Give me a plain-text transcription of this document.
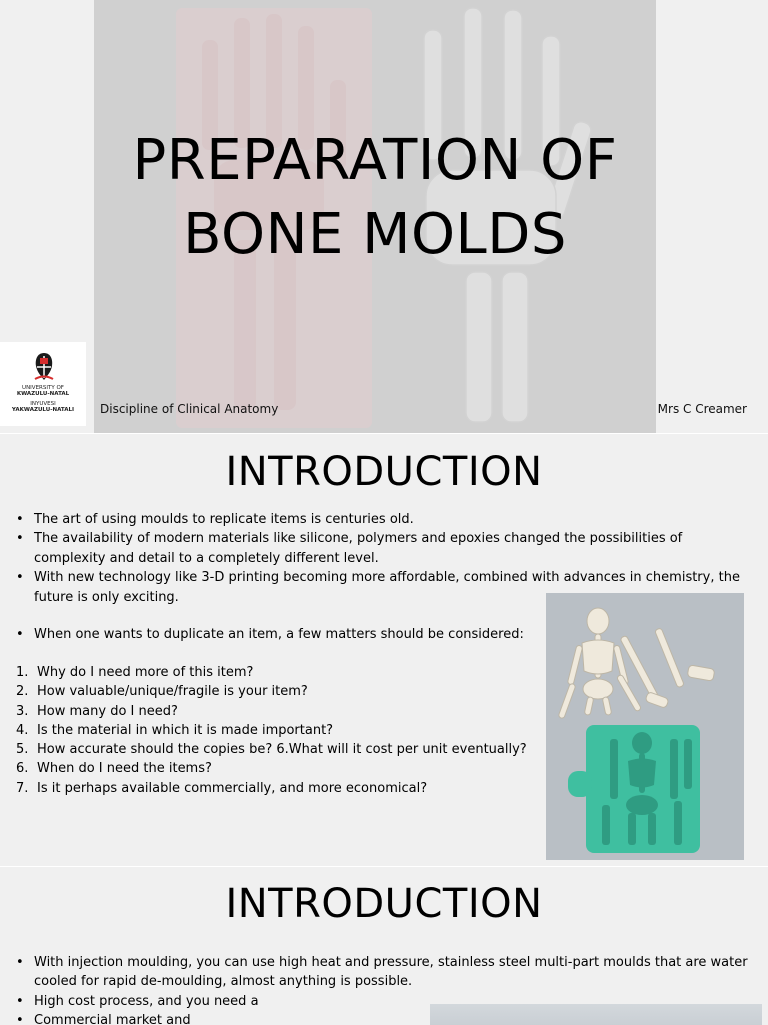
PREPARATION OF
BONE MOLDS
UNIVERSITY OF
KWAZULU-NATAL
INYUVESI
YAKWAZULU-NATALI	Discipline of Clinical Anatomy	Mrs C Creamer
INTRODUCTION
• The art of using moulds to replicate items is centuries old.
• The availability of modern materials like silicone, polymers and epoxies changed the possibilities of complexity and detail to a completely different level.
• With new technology like 3-D printing becoming more affordable, combined with advances in chemistry, the future is only exciting.
• When one wants to duplicate an item, a few matters should be considered:
1. Why do I need more of this item?
2. How valuable/unique/fragile is your item?
3. How many do I need?
4. Is the material in which it is made important?
5. How accurate should the copies be? 6.What will it cost per unit eventually?
6. When do I need the items?
7. Is it perhaps available commercially, and more economical?
INTRODUCTION
• With injection moulding, you can use high heat and pressure, stainless steel multi-part moulds that are water cooled for rapid de-moulding, almost anything is possible.
• High cost process, and you need a
• Commercial market and
